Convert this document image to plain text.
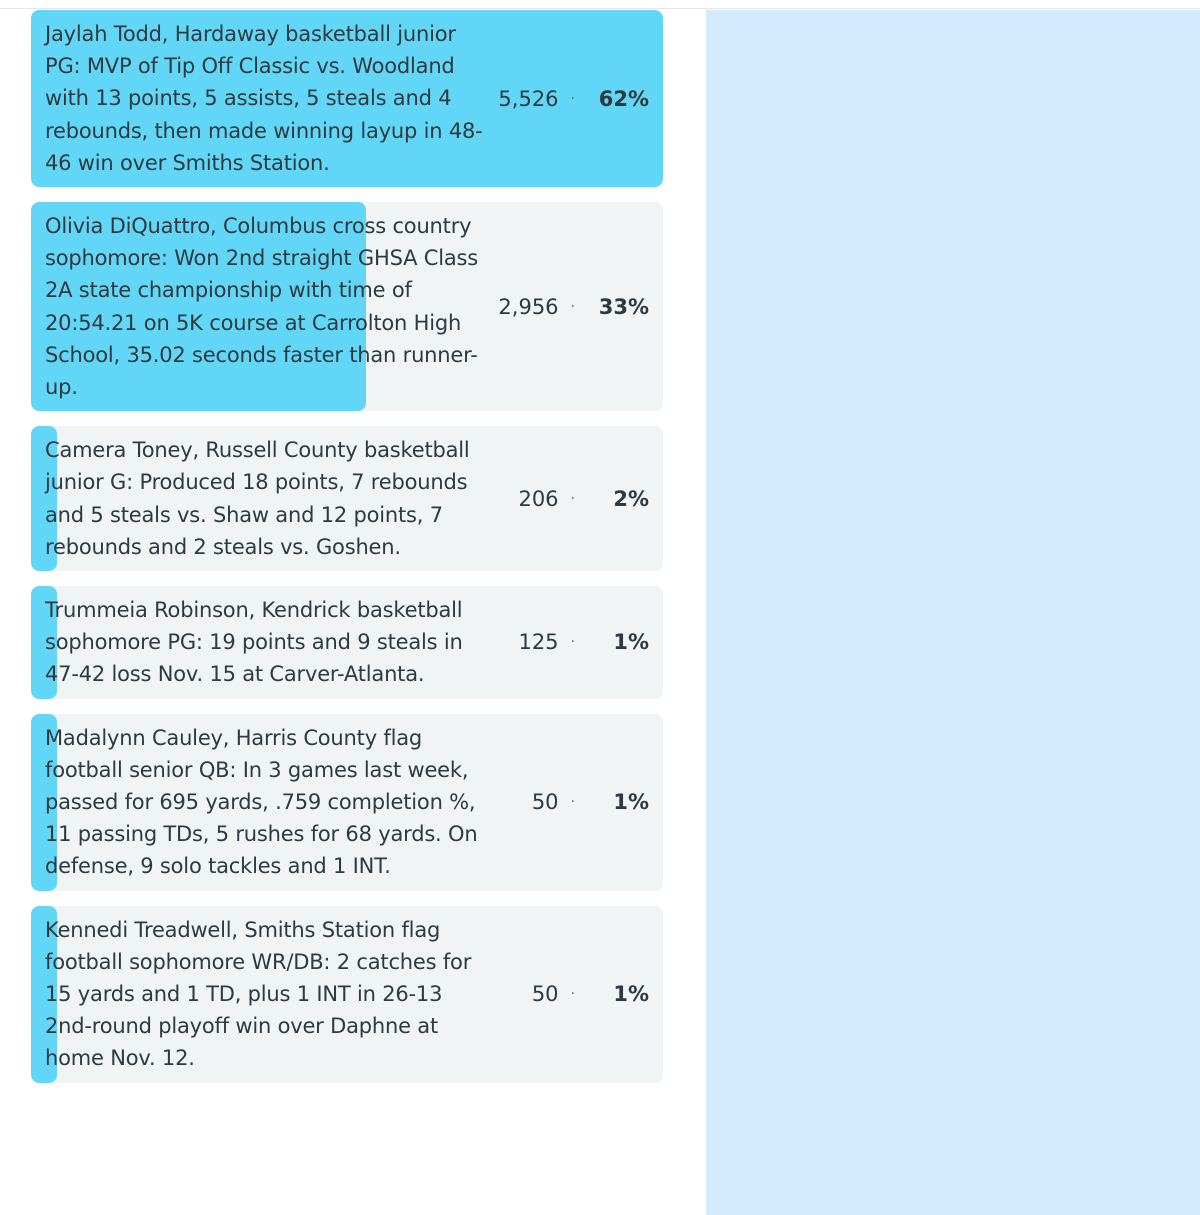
Jaylah Todd, Hardaway basketball junior PG: MVP of Tip Off Classic vs. Woodland with 13 points, 5 assists, 5 steals and 4 rebounds, then made winning layup in 48-46 win over Smiths Station.
5,526 ·	62%
Olivia DiQuattro, Columbus cross country sophomore: Won 2nd straight GHSA Class 2A state championship with time of 20:54.21 on 5K course at Carrolton High School, 35.02 seconds faster than runner-up.
2,956 ·	33%
Camera Toney, Russell County basketball junior G: Produced 18 points, 7 rebounds and 5 steals vs. Shaw and 12 points, 7 rebounds and 2 steals vs. Goshen.
206 ·	2%
Trummeia Robinson, Kendrick basketball sophomore PG: 19 points and 9 steals in 47-42 loss Nov. 15 at Carver-Atlanta.
125 ·	1%
Madalynn Cauley, Harris County flag football senior QB: In 3 games last week, passed for 695 yards, .759 completion %, 11 passing TDs, 5 rushes for 68 yards. On defense, 9 solo tackles and 1 INT.
50 ·	1%
Kennedi Treadwell, Smiths Station flag football sophomore WR/DB: 2 catches for 15 yards and 1 TD, plus 1 INT in 26-13 2nd-round playoff win over Daphne at home Nov. 12.
50 ·	1%
